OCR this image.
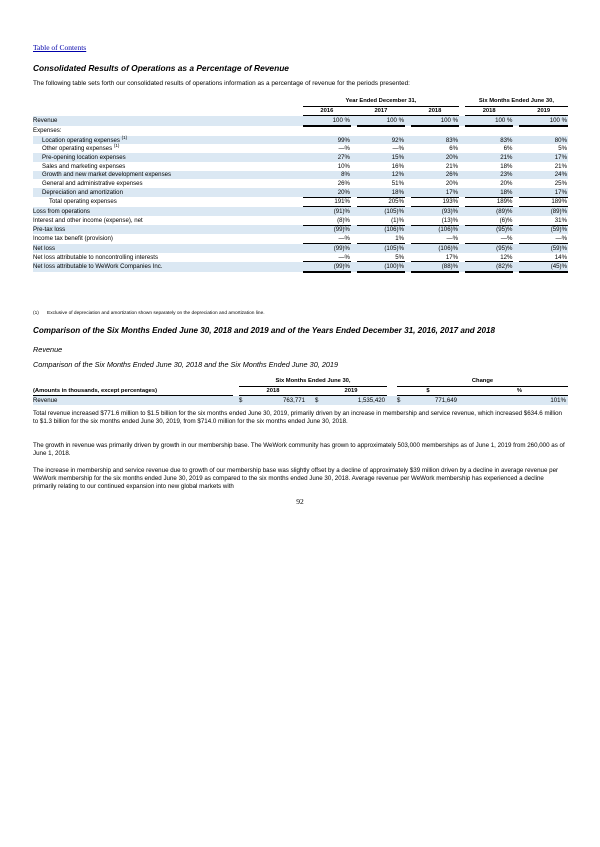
Table of Contents
Consolidated Results of Operations as a Percentage of Revenue
The following table sets forth our consolidated results of operations information as a percentage of revenue for the periods presented:
	Year Ended December 31,						Six Months Ended June 30,		
	2016		2017		2018		2018		2019
Revenue	100 %		100 %		100 %		100 %		100 %
Expenses:									
Location operating expenses $^{(1)}$	99%		92%		83%		83%		80%
Other operating expenses $^{(1)}$	—%		—%		6%		6%		5%
Pre-opening location expenses	27%		15%		20%		21%		17%
Sales and marketing expenses	10%		16%		21%		18%		21%
Growth and new market development expenses	8%		12%		26%		23%		24%
General and administrative expenses	26%		51%		20%		20%		25%
Depreciation and amortization	20%		18%		17%		18%		17%
Total operating expenses	191%		205%		193%		189%		189%
Loss from operations	(91)%		(105)%		(93)%		(89)%		(89)%
Interest and other income (expense), net	(8)%		(1)%		(13)%		(6)%		31%
Pre-tax loss	(99)%		(106)%		(106)%		(95)%		(59)%
Income tax benefit (provision)	—%		1%		—%		—%		—%
Net loss	(99)%		(105)%		(106)%		(95)%		(59)%
Net loss attributable to noncontrolling interests	—%		5%		17%		12%		14%
Net loss attributable to WeWork Companies Inc.	(99)%		(100)%		(88)%		(82)%		(45)%
(1) Exclusive of depreciation and amortization shown separately on the depreciation and amortization line.
Comparison of the Six Months Ended June 30, 2018 and 2019 and of the Years Ended December 31, 2016, 2017 and 2018
Revenue
Comparison of the Six Months Ended June 30, 2018 and the Six Months Ended June 30, 2019
		Six Months Ended June 30,						Change			
(Amounts in thousands, except percentages)		2018			2019			$			%
Revenue		$	763,771		$	1,535,420		$	771,649		101%

Total revenue increased $771.6 million to $1.5 billion for the six months ended June 30, 2019, primarily driven by an increase in membership and service revenue, which increased $634.6 million to $1.3 billion for the six months ended June 30, 2019, from $714.0 million for the six months ended June 30, 2018.

The growth in revenue was primarily driven by growth in our membership base. The WeWork community has grown to approximately 503,000 memberships as of June 1, 2019 from 260,000 as of June 1, 2018.

The increase in membership and service revenue due to growth of our membership base was slightly offset by a decline of approximately $39 million driven by a decline in average revenue per WeWork membership for the six months ended June 30, 2019 as compared to the six months ended June 30, 2018. Average revenue per WeWork membership has experienced a decline primarily relating to our continued expansion into new global markets with

92
